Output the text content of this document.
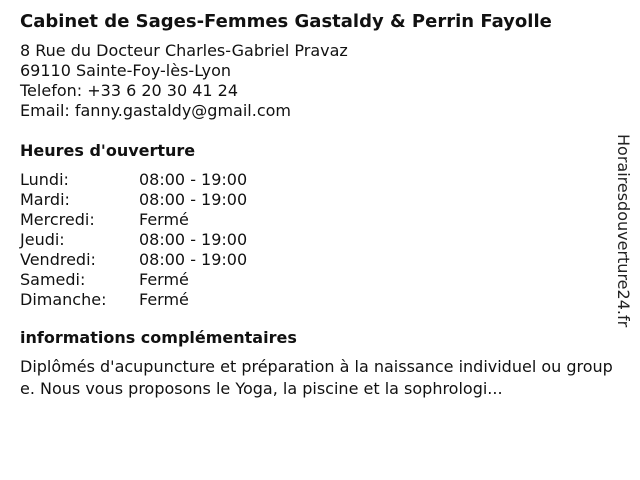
Cabinet de Sages-Femmes Gastaldy & Perrin Fayolle
8 Rue du Docteur Charles-Gabriel Pravaz
69110 Sainte-Foy-lès-Lyon
Telefon: +33 6 20 30 41 24
Email: fanny.gastaldy@gmail.com
Heures d'ouverture
Lundi:	08:00 - 19:00
Mardi:	08:00 - 19:00
Mercredi:	Fermé
Jeudi:	08:00 - 19:00
Vendredi:	08:00 - 19:00
Samedi:	Fermé
Dimanche:	Fermé
informations complémentaires
Diplômés d'acupuncture et préparation à la naissance individuel ou groupe. Nous vous proposons le Yoga, la piscine et la sophrologi...
Horairesdouverture24.fr
